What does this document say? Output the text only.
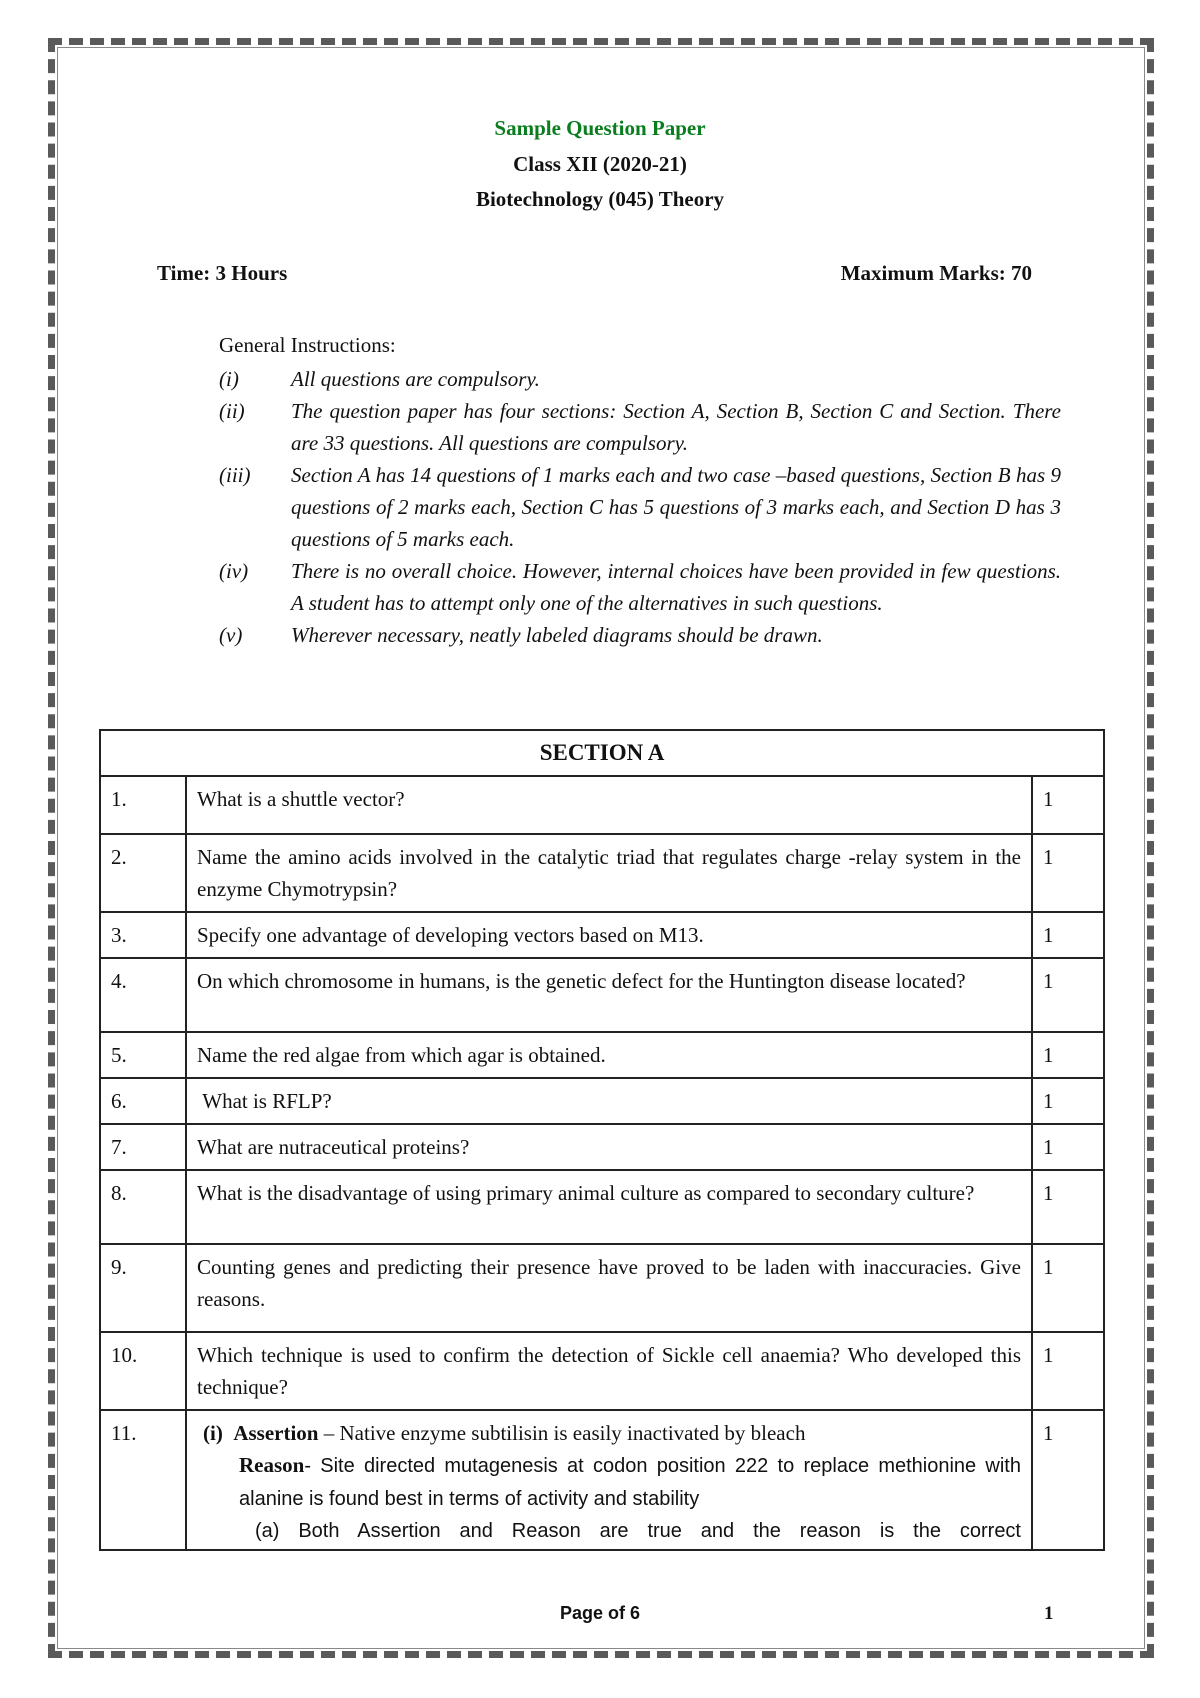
Sample Question Paper
Class XII (2020-21)
Biotechnology (045) Theory
Time: 3 Hours	Maximum Marks: 70
General Instructions:
(i)	All questions are compulsory.
(ii)	The question paper has four sections: Section A, Section B, Section C and Section. There are 33 questions. All questions are compulsory.
(iii)	Section A has 14 questions of 1 marks each and two case –based questions, Section B has 9 questions of 2 marks each, Section C has 5 questions of 3 marks each, and Section D has 3 questions of 5 marks each.
(iv)	There is no overall choice. However, internal choices have been provided in few questions. A student has to attempt only one of the alternatives in such questions.
(v)	Wherever necessary, neatly labeled diagrams should be drawn.
SECTION A		
1.	What is a shuttle vector?	1
2.	Name the amino acids involved in the catalytic triad that regulates charge -relay system in the enzyme Chymotrypsin?	1
3.	Specify one advantage of developing vectors based on M13.	1
4.	On which chromosome in humans, is the genetic defect for the Huntington disease located?	1
5.	Name the red algae from which agar is obtained.	1
6.	What is RFLP?	1
7.	What are nutraceutical proteins?	1
8.	What is the disadvantage of using primary animal culture as compared to secondary culture?	1
9.	Counting genes and predicting their presence have proved to be laden with inaccuracies. Give reasons.	1
10.	Which technique is used to confirm the detection of Sickle cell anaemia? Who developed this technique?	1
11.	(i) Assertion – Native enzyme subtilisin is easily inactivated by bleach
Reason- Site directed mutagenesis at codon position 222 to replace methionine with alanine is found best in terms of activity and stability
(a) Both Assertion and Reason are true and the reason is the correct	1
Page of 6	1
